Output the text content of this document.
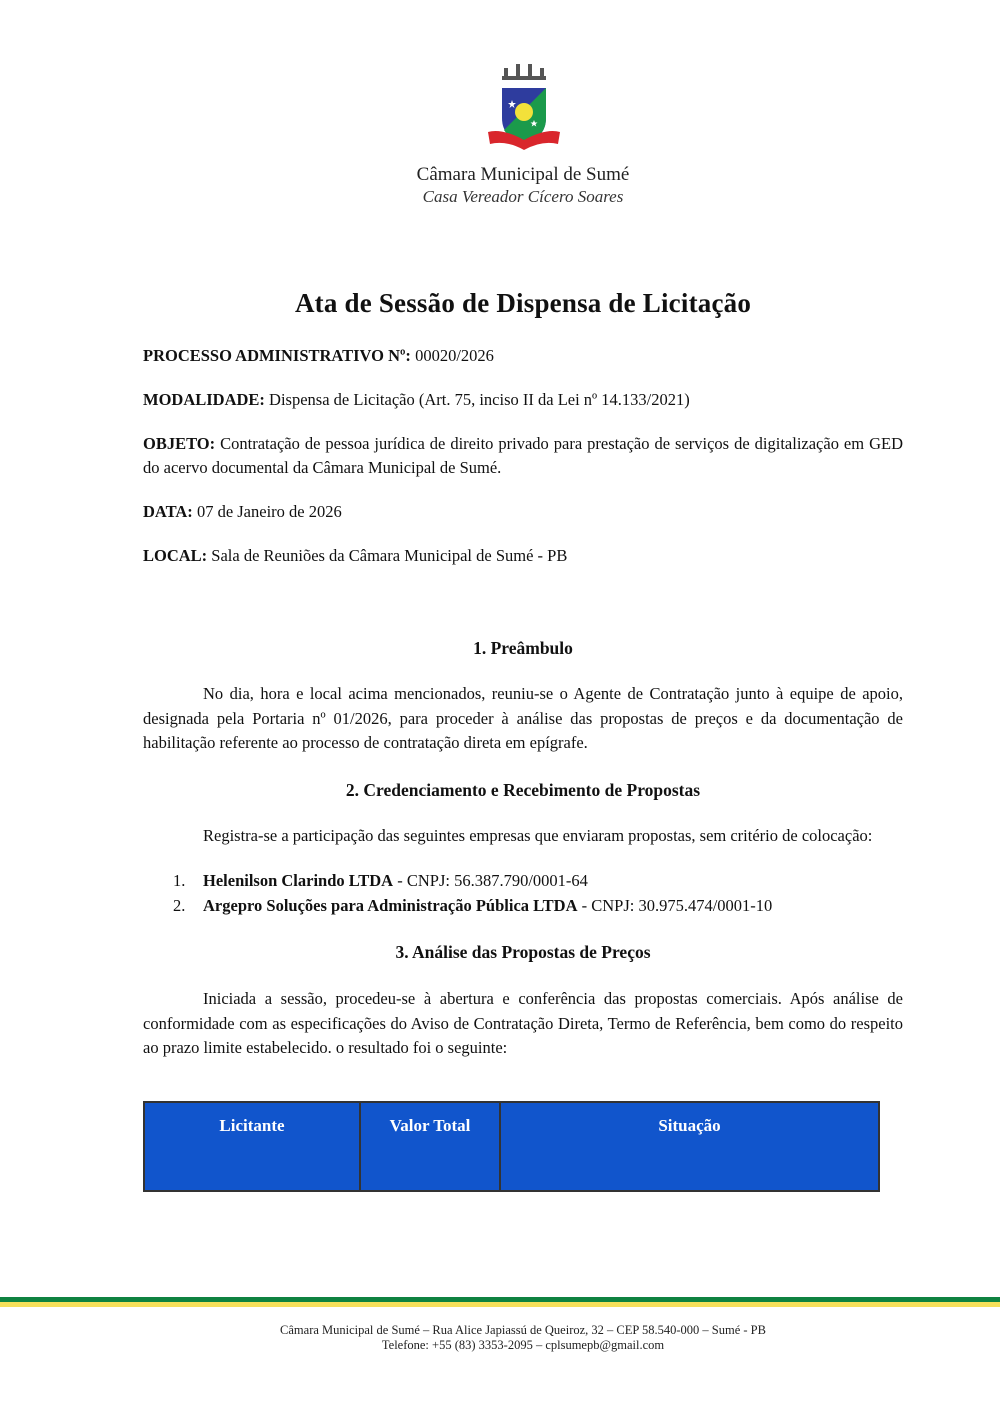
Câmara Municipal de Sumé
Casa Vereador Cícero Soares
Ata de Sessão de Dispensa de Licitação
PROCESSO ADMINISTRATIVO Nº: 00020/2026
MODALIDADE: Dispensa de Licitação (Art. 75, inciso II da Lei nº 14.133/2021)
OBJETO: Contratação de pessoa jurídica de direito privado para prestação de serviços de digitalização em GED do acervo documental da Câmara Municipal de Sumé.
DATA: 07 de Janeiro de 2026
LOCAL: Sala de Reuniões da Câmara Municipal de Sumé - PB
1. Preâmbulo
No dia, hora e local acima mencionados, reuniu-se o Agente de Contratação junto à equipe de apoio, designada pela Portaria nº 01/2026, para proceder à análise das propostas de preços e da documentação de habilitação referente ao processo de contratação direta em epígrafe.
2. Credenciamento e Recebimento de Propostas
Registra-se a participação das seguintes empresas que enviaram propostas, sem critério de colocação:
1. Helenilson Clarindo LTDA - CNPJ: 56.387.790/0001-64
2. Argepro Soluções para Administração Pública LTDA - CNPJ: 30.975.474/0001-10
3. Análise das Propostas de Preços
Iniciada a sessão, procedeu-se à abertura e conferência das propostas comerciais. Após análise de conformidade com as especificações do Aviso de Contratação Direta, Termo de Referência, bem como do respeito ao prazo limite estabelecido. o resultado foi o seguinte:
Licitante	Valor Total	Situação
Câmara Municipal de Sumé – Rua Alice Japiassú de Queiroz, 32 – CEP 58.540-000 – Sumé - PB
Telefone: +55 (83) 3353-2095 – cplsumepb@gmail.com
